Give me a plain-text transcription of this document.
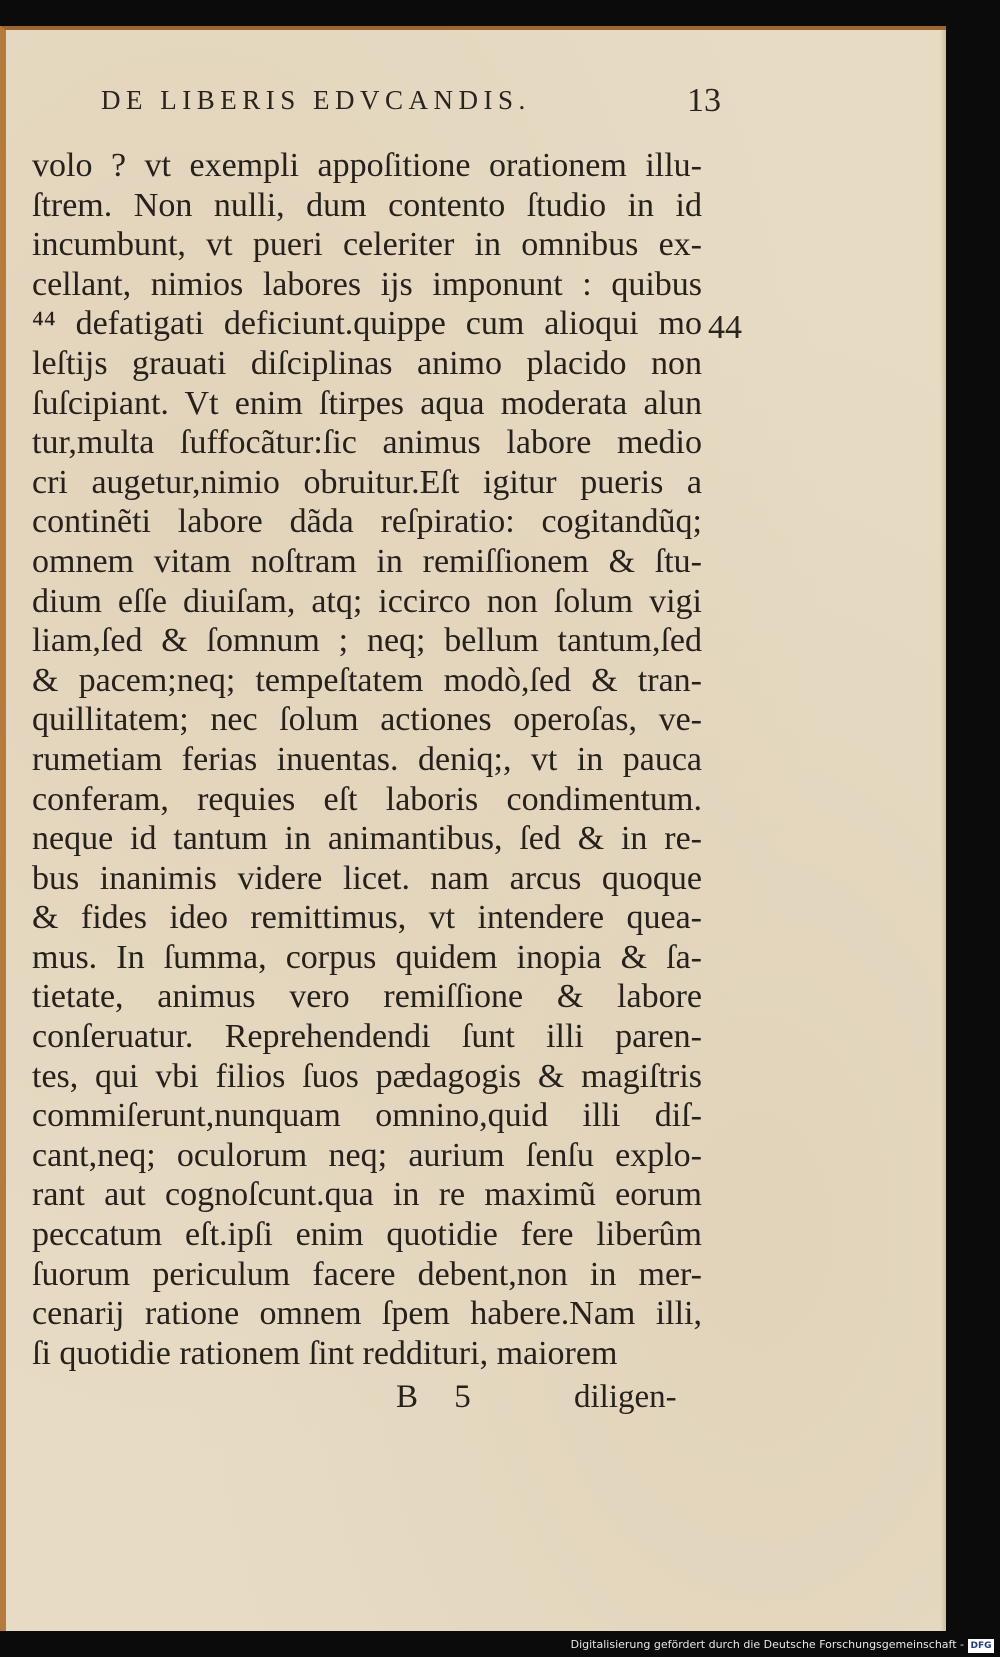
DE LIBERIS EDVCANDIS.	13
volo ? vt exempli appoſitione orationem illu-
ſtrem. Non nulli, dum contento ſtudio in id
incumbunt, vt pueri celeriter in omnibus ex-
cellant, nimios labores ijs imponunt : quibus
⁴⁴ defatigati deficiunt.quippe cum alioqui mo
leſtijs grauati diſciplinas animo placido non
ſuſcipiant. Vt enim ſtirpes aqua moderata alun
tur,multa ſuffocãtur:ſic animus labore medio
cri augetur,nimio obruitur.Eſt igitur pueris a
continẽti labore dãda reſpiratio: cogitandũq;
omnem vitam noſtram in remiſſionem & ſtu-
dium eſſe diuiſam, atq; iccirco non ſolum vigi
liam,ſed & ſomnum ; neq; bellum tantum,ſed
& pacem;neq; tempeſtatem modò,ſed & tran-
quillitatem; nec ſolum actiones operoſas, ve-
rumetiam ferias inuentas. deniq;, vt in pauca
conferam, requies eſt laboris condimentum.
neque id tantum in animantibus, ſed & in re-
bus inanimis videre licet. nam arcus quoque
& fides ideo remittimus, vt intendere quea-
mus. In ſumma, corpus quidem inopia & ſa-
tietate, animus vero remiſſione & labore
conſeruatur. Reprehendendi ſunt illi paren-
tes, qui vbi filios ſuos pædagogis & magiſtris
commiſerunt,nunquam omnino,quid illi diſ-
cant,neq; oculorum neq; aurium ſenſu explo-
rant aut cognoſcunt.qua in re maximũ eorum
peccatum eſt.ipſi enim quotidie fere liberûm
ſuorum periculum facere debent,non in mer-
cenarij ratione omnem ſpem habere.Nam illi,
ſi quotidie rationem ſint reddituri, maiorem
44
B 5	diligen-
Digitalisierung gefördert durch die Deutsche Forschungsgemeinschaft - DFG
